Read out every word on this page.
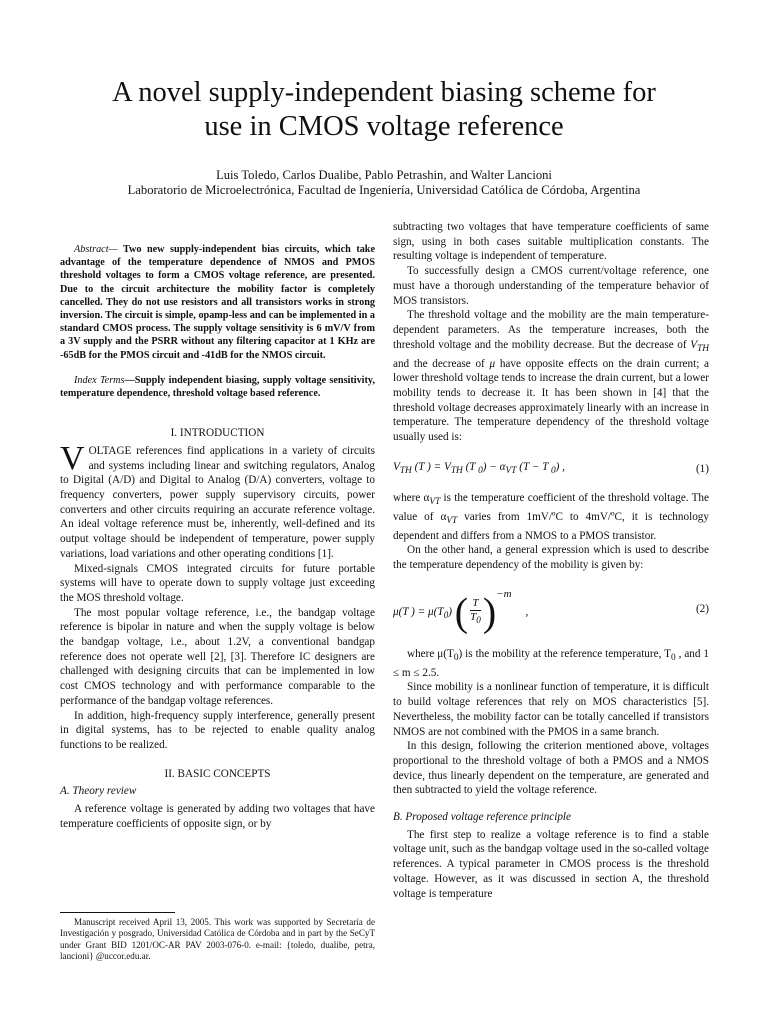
A novel supply-independent biasing scheme for
use in CMOS voltage reference

Luis Toledo, Carlos Dualibe, Pablo Petrashin, and Walter Lancioni

Laboratorio de Microelectrónica, Facultad de Ingeniería, Universidad Católica de Córdoba, Argentina

Abstract— Two new supply-independent bias circuits, which take advantage of the temperature dependence of NMOS and PMOS threshold voltages to form a CMOS voltage reference, are presented. Due to the circuit architecture the mobility factor is completely cancelled. They do not use resistors and all transistors works in strong inversion. The circuit is simple, opamp-less and can be implemented in a standard CMOS process. The supply voltage sensitivity is 6 mV/V from a 3V supply and the PSRR without any filtering capacitor at 1 KHz are -65dB for the PMOS circuit and -41dB for the NMOS circuit.

Index Terms—Supply independent biasing, supply voltage sensitivity, temperature dependence, threshold voltage based reference.

I. INTRODUCTION

VOLTAGE references find applications in a variety of circuits and systems including linear and switching regulators, Analog to Digital (A/D) and Digital to Analog (D/A) converters, voltage to frequency converters, power supply supervisory circuits, power converters and other circuits requiring an accurate reference voltage. An ideal voltage reference must be, inherently, well-defined and its output voltage should be independent of temperature, power supply variations, load variations and other operating conditions [1].

Mixed-signals CMOS integrated circuits for future portable systems will have to operate down to supply voltage just exceeding the MOS threshold voltage.

The most popular voltage reference, i.e., the bandgap voltage reference is bipolar in nature and when the supply voltage is below the bandgap voltage, i.e., about 1.2V, a conventional bandgap reference does not operate well [2], [3]. Therefore IC designers are challenged with designing circuits that can be implemented in low cost CMOS technology and with performance comparable to the performance of the bandgap voltage references.

In addition, high-frequency supply interference, generally present in digital systems, has to be rejected to enable quality analog functions to be realized.

II. BASIC CONCEPTS

A. Theory review

A reference voltage is generated by adding two voltages that have temperature coefficients of opposite sign, or by

Manuscript received April 13, 2005. This work was supported by Secretaría de Investigación y posgrado, Universidad Católica de Córdoba and in part by the SeCyT under Grant BID 1201/OC-AR PAV 2003-076-0. e-mail: {toledo, dualibe, petra, lancioni} @uccor.edu.ar.

subtracting two voltages that have temperature coefficients of same sign, using in both cases suitable multiplication constants. The resulting voltage is independent of temperature.

To successfully design a CMOS current/voltage reference, one must have a thorough understanding of the temperature behavior of MOS transistors.

The threshold voltage and the mobility are the main temperature-dependent parameters. As the temperature increases, both the threshold voltage and the mobility decrease. But the decrease of $V_{TH}$ and the decrease of μ have opposite effects on the drain current; a lower threshold voltage tends to increase the drain current, but a lower mobility tends to decrease it. It has been shown in [4] that the threshold voltage decreases approximately linearly with an increase in temperature. The temperature dependency of the threshold voltage usually used is:

$V_{TH}$ (T ) = $V_{TH}$ (T $_0) - \alpha_{VT}$ (T − T $_0$) ,	(1)

where $\alpha_{VT}$ is the temperature coefficient of the threshold voltage. The value of $\alpha_{VT}$ varies from 1mV/ºC to 4mV/ºC, it is technology dependent and differs from a NMOS to a PMOS transistor.

On the other hand, a general expression which is used to describe the temperature dependency of the mobility is given by:

μ(T ) = $\mu(T_0)$ ( $\frac{T}{T_0} )-m$     ,	(2)

where $\mu(T_0)$ is the mobility at the reference temperature, $T_0$ , and 1 ≤ m ≤ 2.5.

Since mobility is a nonlinear function of temperature, it is difficult to build voltage references that rely on MOS characteristics [5]. Nevertheless, the mobility factor can be totally cancelled if transistors NMOS are not combined with the PMOS in a same branch.

In this design, following the criterion mentioned above, voltages proportional to the threshold voltage of both a PMOS and a NMOS device, thus linearly dependent on the temperature, are generated and then subtracted to yield the voltage reference.

B. Proposed voltage reference principle

The first step to realize a voltage reference is to find a stable voltage unit, such as the bandgap voltage used in the so-called voltage references. A typical parameter in CMOS process is the threshold voltage. However, as it was discussed in section A, the threshold voltage is temperature
